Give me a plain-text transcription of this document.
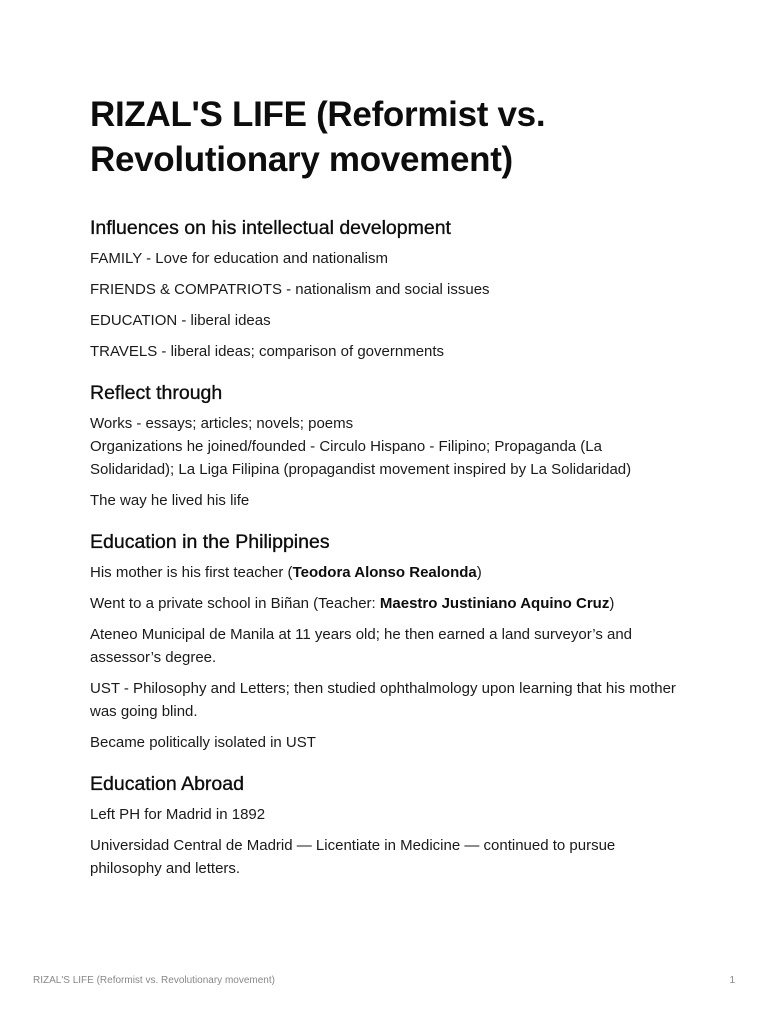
RIZAL'S LIFE (Reformist vs. Revolutionary movement)
Influences on his intellectual development

FAMILY - Love for education and nationalism

FRIENDS & COMPATRIOTS - nationalism and social issues

EDUCATION - liberal ideas

TRAVELS - liberal ideas; comparison of governments

Reflect through

Works - essays; articles; novels; poems

Organizations he joined/founded - Circulo Hispano - Filipino; Propaganda (La Solidaridad); La Liga Filipina (propagandist movement inspired by La Solidaridad)

The way he lived his life

Education in the Philippines

His mother is his first teacher (Teodora Alonso Realonda)

Went to a private school in Biñan (Teacher: Maestro Justiniano Aquino Cruz)

Ateneo Municipal de Manila at 11 years old; he then earned a land surveyor’s and assessor’s degree.

UST - Philosophy and Letters; then studied ophthalmology upon learning that his mother was going blind.

Became politically isolated in UST

Education Abroad

Left PH for Madrid in 1892

Universidad Central de Madrid — Licentiate in Medicine — continued to pursue philosophy and letters.

RIZAL'S LIFE (Reformist vs. Revolutionary movement)	1
